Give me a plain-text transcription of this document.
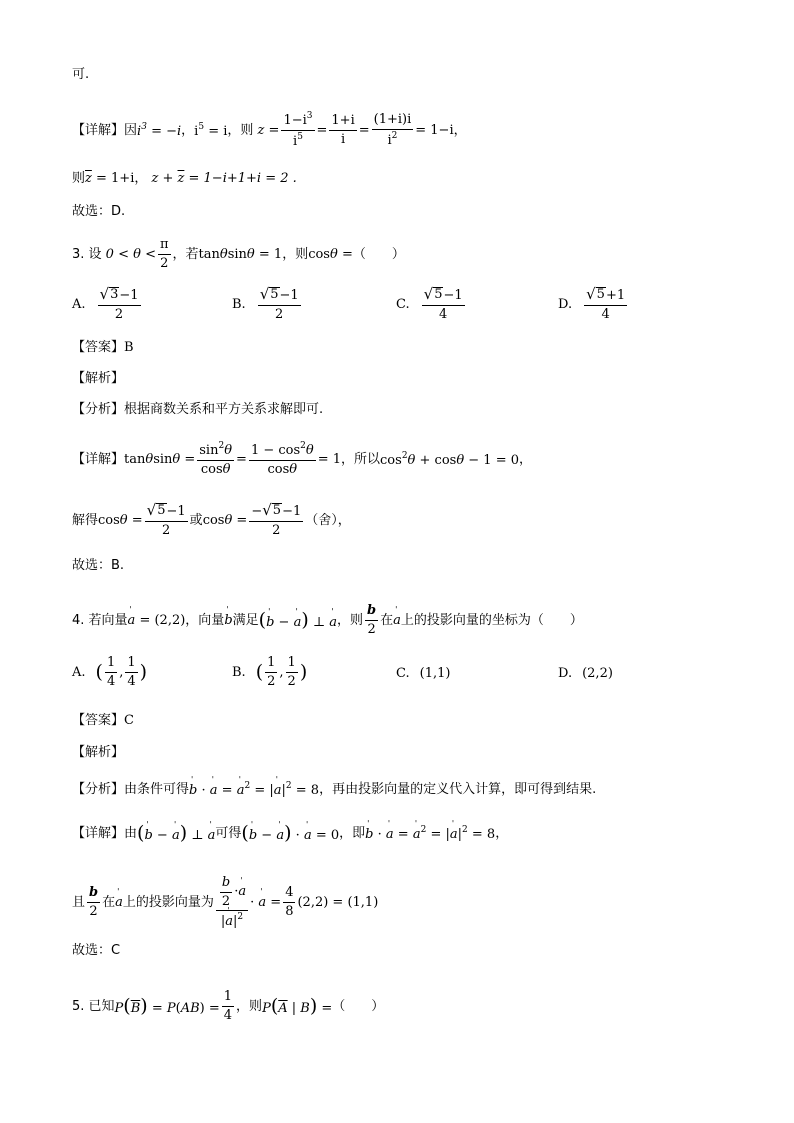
可.
【详解】 因 $i^3 = -i$ ， $i^5 = i$ ，则 $z = \frac{1-i^3}{i^5} = \frac{1+i}{i} = \frac{(1+i)i}{i^2} = 1-i$ ，
则 $\overline{z} = 1+i$ ， $z + \overline{z} = 1-i+1+i = 2$ .
故选：D.
3. 设 $0 < \theta < \frac{\pi}{2}$ ，若 tanθsinθ = 1 ，则 cosθ = （　　）
A. $\frac{√ 3 -1}{2}$	B. $\frac{√ 5 -1}{2}$	C. $\frac{√ 5 -1}{4}$	D. $\frac{√ 5 +1}{4}$
【答案】 B
【解析】
【分析】 根据商数关系和平方关系求解即可.
【详解】 $\tan\theta\sin\theta = \frac{\sin^2\theta}{\cos\theta} = \frac{1 - \cos^2\theta}{\cos\theta} = 1$ ，所以 $\cos^2\theta + \cos\theta - 1 = 0$ ，
解得 $\cos\theta = \frac{√ 5 -1}{2}$ 或 $\cos\theta = \frac{- √ 5 -1}{2}$ （舍），
故选：B.
4. 若向量 ' a = (2,2) ，向量 ' b 满足 (' b − ' a) ⊥ ' a ，则 $\frac{b}{2}$ 在 ' a 上的投影向量的坐标为（　　）
A. ( $\frac{1}{4}$ , $\frac{1}{4}$ )	B. ( $\frac{1}{2}$ , $\frac{1}{2}$ )	C. (1,1)	D. (2,2)
【答案】 C
【解析】
【分析】 由条件可得 ' b · ' a = ' $a^2$ = |' $a|^2 = 8$ ，再由投影向量的定义代入计算，即可得到结果.
【详解】 由 (' b − ' a) ⊥ ' a 可得 (' b − ' a) · ' a = 0 ，即 ' b · ' a = ' $a^2$ = |' $a|^2 = 8$ ，
且 $\frac{b}{2}$ 在 ' a 上的投影向量为 $\frac{\frac{b}{2} \cdot ' a}{|' a|^2}$ · ' $a = \frac{4}{8} (2,2) = (1,1)$
故选：C
5. 已知 $P(\overline{B}) = P(AB) = \frac{1}{4}$ ，则 $P(\overline{A}$ | B) = （　　）
